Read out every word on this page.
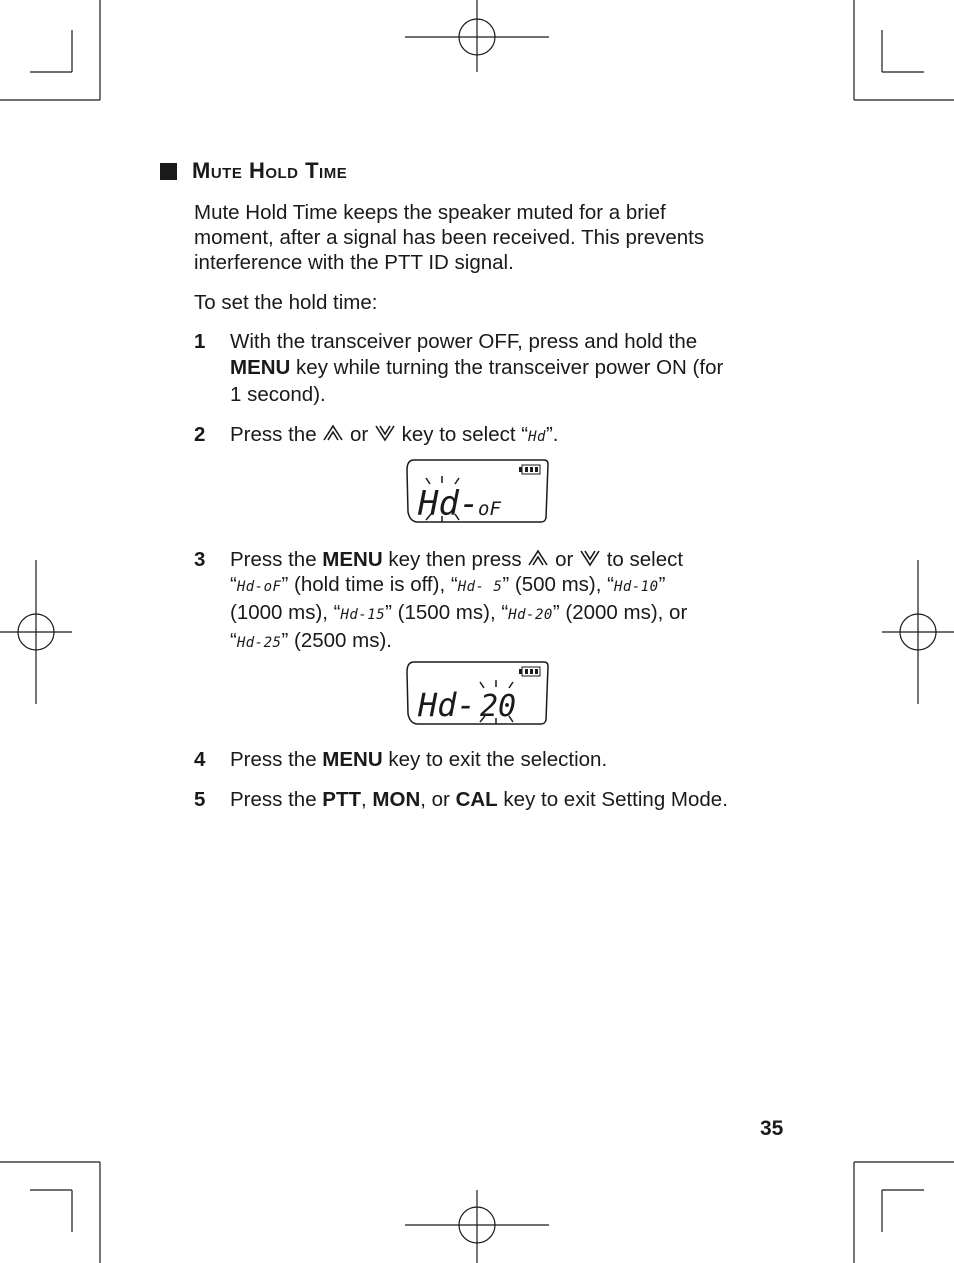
Mute Hold Time
Mute Hold Time keeps the speaker muted for a brief
moment, after a signal has been received. This prevents
interference with the PTT ID signal.
To set the hold time:
1 With the transceiver power OFF, press and hold the
MENU key while turning the transceiver power ON (for
1 second).
2 Press the  or  key to select “Hd”.
Hd-
oF
3 Press the MENU key then press  or  to select
“Hd-oF” (hold time is off), “Hd- 5” (500 ms), “Hd-10”
(1000 ms), “Hd-15” (1500 ms), “Hd-20” (2000 ms), or
“Hd-25” (2500 ms).
Hd- 20
4 Press the MENU key to exit the selection.
5 Press the PTT, MON, or CAL key to exit Setting Mode.
35
